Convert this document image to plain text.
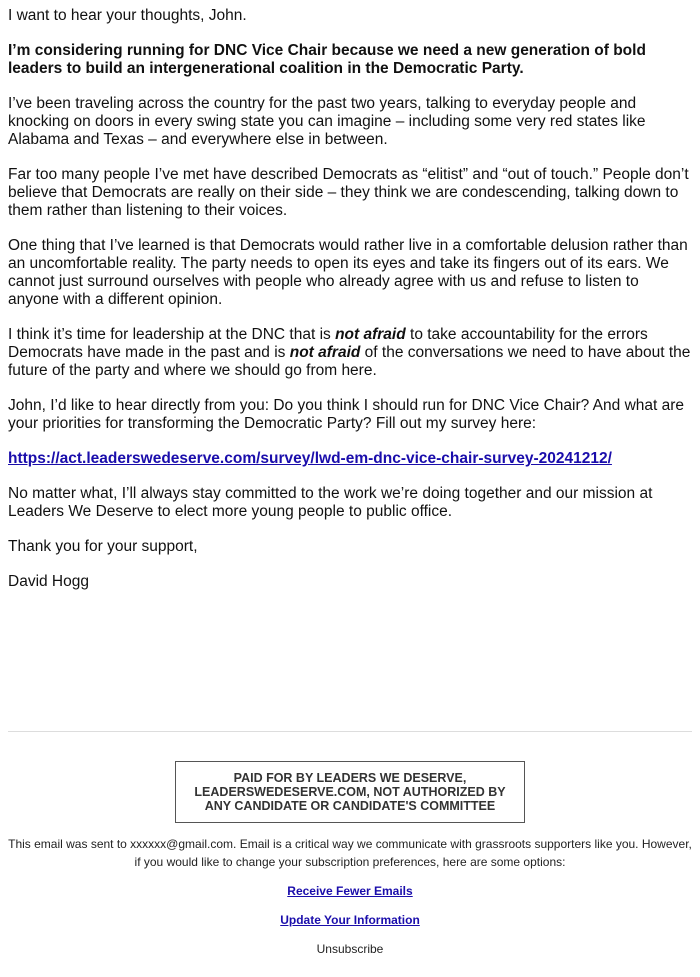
I want to hear your thoughts, John.

I’m considering running for DNC Vice Chair because we need a new generation of bold leaders to build an intergenerational coalition in the Democratic Party.

I’ve been traveling across the country for the past two years, talking to everyday people and knocking on doors in every swing state you can imagine – including some very red states like Alabama and Texas – and everywhere else in between.

Far too many people I’ve met have described Democrats as “elitist” and “out of touch.” People don’t believe that Democrats are really on their side – they think we are condescending, talking down to them rather than listening to their voices.

One thing that I’ve learned is that Democrats would rather live in a comfortable delusion rather than an uncomfortable reality. The party needs to open its eyes and take its fingers out of its ears. We cannot just surround ourselves with people who already agree with us and refuse to listen to anyone with a different opinion.

I think it’s time for leadership at the DNC that is not afraid to take accountability for the errors Democrats have made in the past and is not afraid of the conversations we need to have about the future of the party and where we should go from here.

John, I’d like to hear directly from you: Do you think I should run for DNC Vice Chair? And what are your priorities for transforming the Democratic Party? Fill out my survey here:

https://act.leaderswedeserve.com/survey/lwd-em-dnc-vice-chair-survey-20241212/

No matter what, I’ll always stay committed to the work we’re doing together and our mission at Leaders We Deserve to elect more young people to public office.

Thank you for your support,

David Hogg

PAID FOR BY LEADERS WE DESERVE, LEADERSWEDESERVE.COM, NOT AUTHORIZED BY ANY CANDIDATE OR CANDIDATE'S COMMITTEE
This email was sent to xxxxxx@gmail.com. Email is a critical way we communicate with grassroots supporters like you. However, if you would like to change your subscription preferences, here are some options:
Receive Fewer Emails
Update Your Information
Unsubscribe
